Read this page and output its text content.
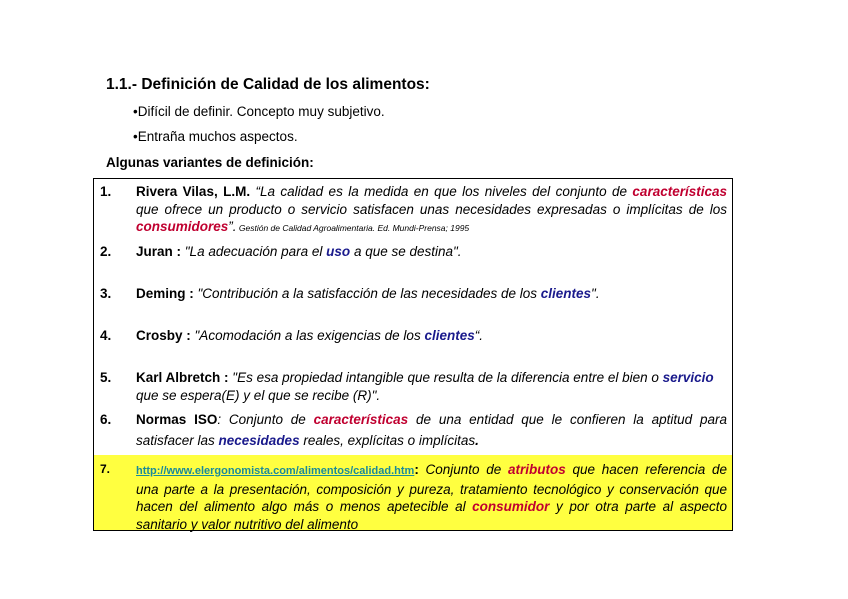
1.1.- Definición de Calidad de los alimentos:
•Difícil de definir. Concepto muy subjetivo.
•Entraña muchos aspectos.
Algunas variantes de definición:
1. Rivera Vilas, L.M. “La calidad es la medida en que los niveles del conjunto de características que ofrece un producto o servicio satisfacen unas necesidades expresadas o implícitas de los consumidores”. Gestión de Calidad Agroalimentaria. Ed. Mundi-Prensa; 1995
2. Juran : "La adecuación para el uso a que se destina".
3. Deming : "Contribución a la satisfacción de las necesidades de los clientes".
4. Crosby : "Acomodación a las exigencias de los clientes“.
5. Karl Albretch : "Es esa propiedad intangible que resulta de la diferencia entre el bien o servicio que se espera(E) y el que se recibe (R)".
6. Normas ISO: Conjunto de características de una entidad que le confieren la aptitud para satisfacer las necesidades reales, explícitas o implícitas.
7. http://www.elergonomista.com/alimentos/calidad.htm: Conjunto de atributos que hacen referencia de una parte a la presentación, composición y pureza, tratamiento tecnológico y conservación que hacen del alimento algo más o menos apetecible al consumidor y por otra parte al aspecto sanitario y valor nutritivo del alimento
